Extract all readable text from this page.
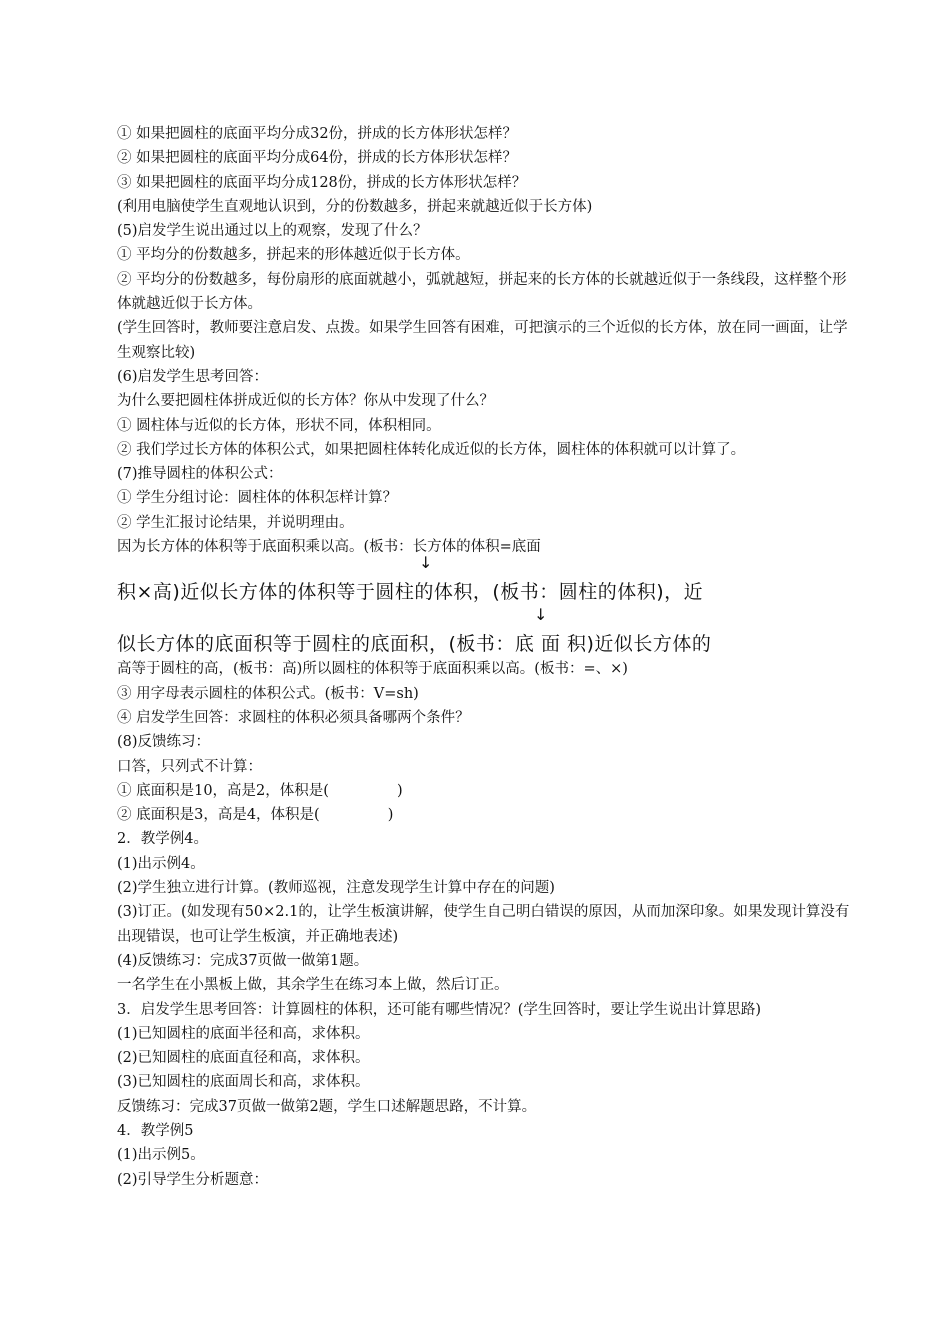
① 如果把圆柱的底面平均分成32份，拼成的长方体形状怎样？
② 如果把圆柱的底面平均分成64份，拼成的长方体形状怎样？
③ 如果把圆柱的底面平均分成128份，拼成的长方体形状怎样？
(利用电脑使学生直观地认识到，分的份数越多，拼起来就越近似于长方体)
(5)启发学生说出通过以上的观察，发现了什么？
① 平均分的份数越多，拼起来的形体越近似于长方体。
② 平均分的份数越多，每份扇形的底面就越小，弧就越短，拼起来的长方体的长就越近似于一条线段，这样整个形体就越近似于长方体。
(学生回答时，教师要注意启发、点拨。如果学生回答有困难，可把演示的三个近似的长方体，放在同一画面，让学生观察比较)
(6)启发学生思考回答：
为什么要把圆柱体拼成近似的长方体？你从中发现了什么？
① 圆柱体与近似的长方体，形状不同，体积相同。
② 我们学过长方体的体积公式，如果把圆柱体转化成近似的长方体，圆柱体的体积就可以计算了。
(7)推导圆柱的体积公式：
① 学生分组讨论：圆柱体的体积怎样计算？
② 学生汇报讨论结果，并说明理由。
因为长方体的体积等于底面积乘以高。(板书：长方体的体积=底面
↓
积×高)近似长方体的体积等于圆柱的体积，(板书：圆柱的体积)，近
↓
似长方体的底面积等于圆柱的底面积，(板书：底 面 积)近似长方体的
高等于圆柱的高，(板书：高)所以圆柱的体积等于底面积乘以高。(板书：=、×)
③ 用字母表示圆柱的体积公式。(板书：V=sh)
④ 启发学生回答：求圆柱的体积必须具备哪两个条件？
(8)反馈练习：
口答，只列式不计算：
① 底面积是10，高是2，体积是(	)
② 底面积是3，高是4，体积是(	)
2．教学例4。
(1)出示例4。
(2)学生独立进行计算。(教师巡视，注意发现学生计算中存在的问题)
(3)订正。(如发现有50×2.1的，让学生板演讲解，使学生自己明白错误的原因，从而加深印象。如果发现计算没有出现错误，也可让学生板演，并正确地表述)
(4)反馈练习：完成37页做一做第1题。
一名学生在小黑板上做，其余学生在练习本上做，然后订正。
3．启发学生思考回答：计算圆柱的体积，还可能有哪些情况？(学生回答时，要让学生说出计算思路)
(1)已知圆柱的底面半径和高，求体积。
(2)已知圆柱的底面直径和高，求体积。
(3)已知圆柱的底面周长和高，求体积。
反馈练习：完成37页做一做第2题，学生口述解题思路，不计算。
4．教学例5
(1)出示例5。
(2)引导学生分析题意：
